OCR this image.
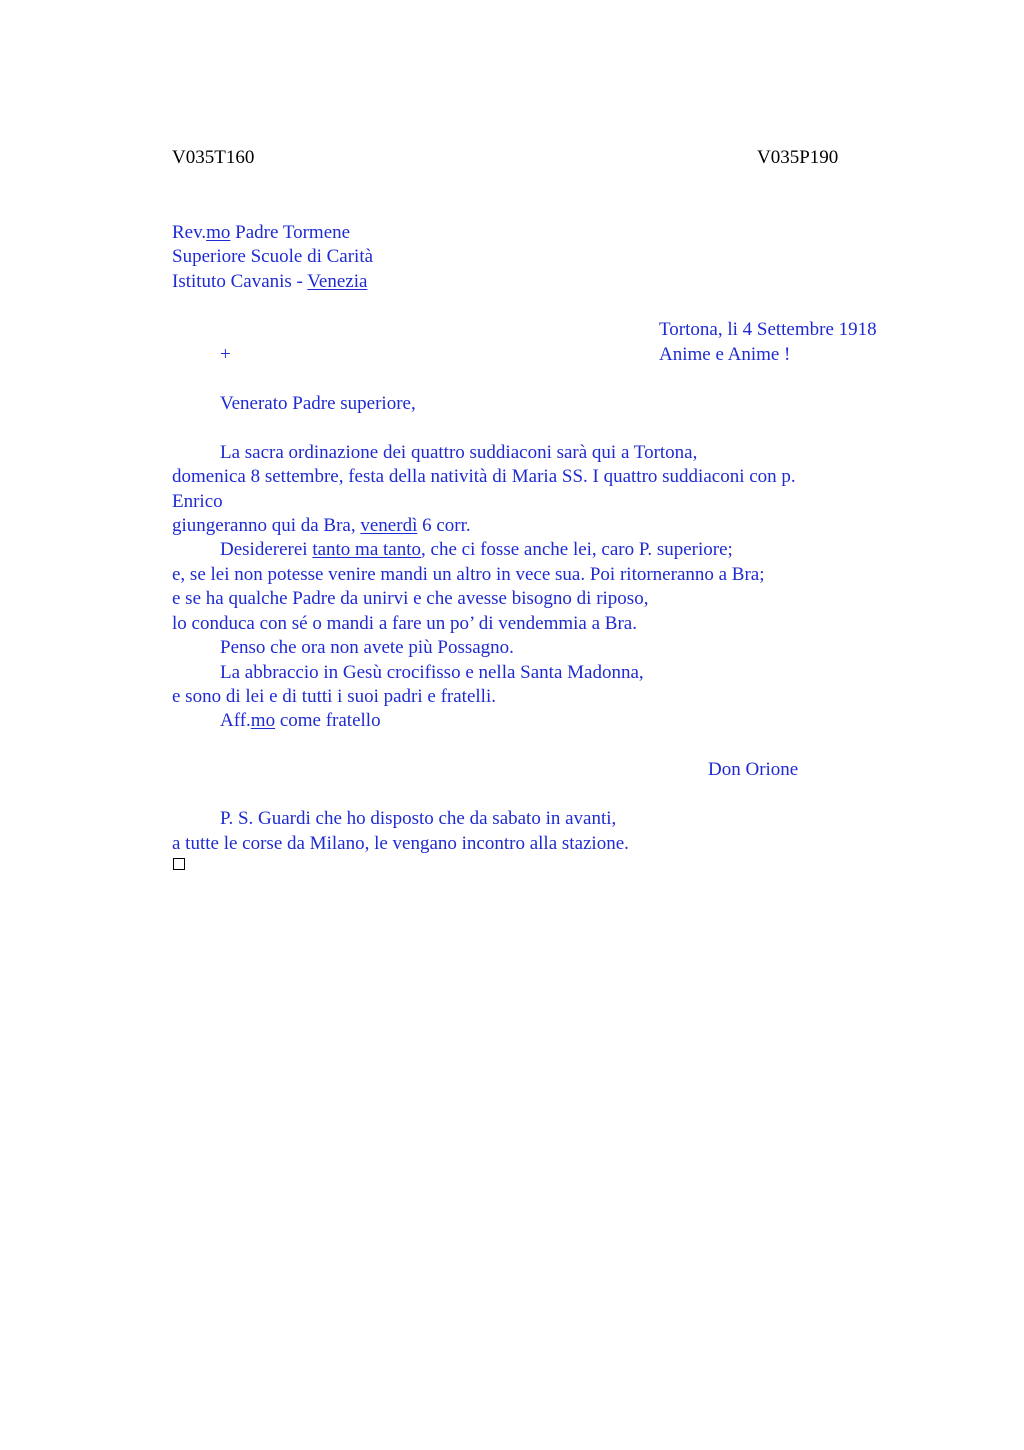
V035T160	V035P190
Rev.mo Padre Tormene
Superiore Scuole di Carità
Istituto Cavanis - Venezia
Tortona, li 4 Settembre 1918
+	Anime e Anime !
Venerato Padre superiore,
La sacra ordinazione dei quattro suddiaconi sarà qui a Tortona,
domenica 8 settembre, festa della natività di Maria SS. I quattro suddiaconi con p.
Enrico
giungeranno qui da Bra, venerdì 6 corr.
Desidererei tanto ma tanto, che ci fosse anche lei, caro P. superiore;
e, se lei non potesse venire mandi un altro in vece sua. Poi ritorneranno a Bra;
e se ha qualche Padre da unirvi e che avesse bisogno di riposo,
lo conduca con sé o mandi a fare un po’ di vendemmia a Bra.
Penso che ora non avete più Possagno.
La abbraccio in Gesù crocifisso e nella Santa Madonna,
e sono di lei e di tutti i suoi padri e fratelli.
Aff.mo come fratello
Don Orione
P. S. Guardi che ho disposto che da sabato in avanti,
a tutte le corse da Milano, le vengano incontro alla stazione.
